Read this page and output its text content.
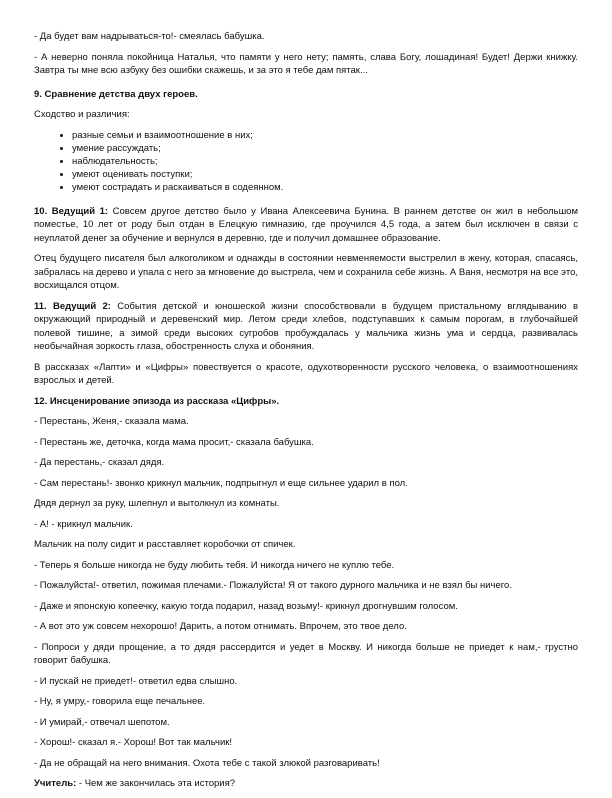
- Да будет вам надрываться-то!- смеялась бабушка.

- А неверно поняла покойница Наталья, что памяти у него нету; память, слава Богу, лошадиная! Будет! Держи книжку. Завтра ты мне всю азбуку без ошибки скажешь, и за это я тебе дам пятак...

9. Сравнение детства двух героев.

Сходство и различия:

• разные семьи и взаимоотношение в них;
• умение рассуждать;
• наблюдательность;
• умеют оценивать поступки;
• умеют сострадать и раскаиваться в содеянном.

10. Ведущий 1: Совсем другое детство было у Ивана Алексеевича Бунина. В раннем детстве он жил в небольшом поместье, 10 лет от роду был отдан в Елецкую гимназию, где проучился 4,5 года, а затем был исключен в связи с неуплатой денег за обучение и вернулся в деревню, где и получил домашнее образование.

Отец будущего писателя был алкоголиком и однажды в состоянии невменяемости выстрелил в жену, которая, спасаясь, забралась на дерево и упала с него за мгновение до выстрела, чем и сохранила себе жизнь. А Ваня, несмотря на все это, восхищался отцом.

11. Ведущий 2: События детской и юношеской жизни способствовали в будущем пристальному вглядыванию в окружающий природный и деревенский мир. Летом среди хлебов, подступавших к самым порогам, в глубочайшей полевой тишине, а зимой среди высоких сугробов пробуждалась у мальчика жизнь ума и сердца, развивалась необычайная зоркость глаза, обостренность слуха и обоняния.

В рассказах «Лапти» и «Цифры» повествуется о красоте, одухотворенности русского человека, о взаимоотношениях взрослых и детей.

12. Инсценирование эпизода из рассказа «Цифры».

- Перестань, Женя,- сказала мама.

- Перестань же, деточка, когда мама просит,- сказала бабушка.

- Да перестань,- сказал дядя.

- Сам перестань!- звонко крикнул мальчик, подпрыгнул и еще сильнее ударил в пол.

Дядя дернул за руку, шлепнул и вытолкнул из комнаты.

- А! - крикнул мальчик.

Мальчик на полу сидит и расставляет коробочки от спичек.

- Теперь я больше никогда не буду любить тебя. И никогда ничего не куплю тебе.

- Пожалуйста!- ответил, пожимая плечами.- Пожалуйста! Я от такого дурного мальчика и не взял бы ничего.

- Даже и японскую копеечку, какую тогда подарил, назад возьму!- крикнул дрогнувшим голосом.

- А вот это уж совсем нехорошо! Дарить, а потом отнимать. Впрочем, это твое дело.

- Попроси у дяди прощение, а то дядя рассердится и уедет в Москву. И никогда больше не приедет к нам,- грустно говорит бабушка.

- И пускай не приедет!- ответил едва слышно.

- Ну, я умру,- говорила еще печальнее.

- И умирай,- отвечал шепотом.

- Хорош!- сказал я.- Хорош! Вот так мальчик!

- Да не обращай на него внимания. Охота тебе с такой злюкой разговаривать!

Учитель: - Чем же закончилась эта история?
